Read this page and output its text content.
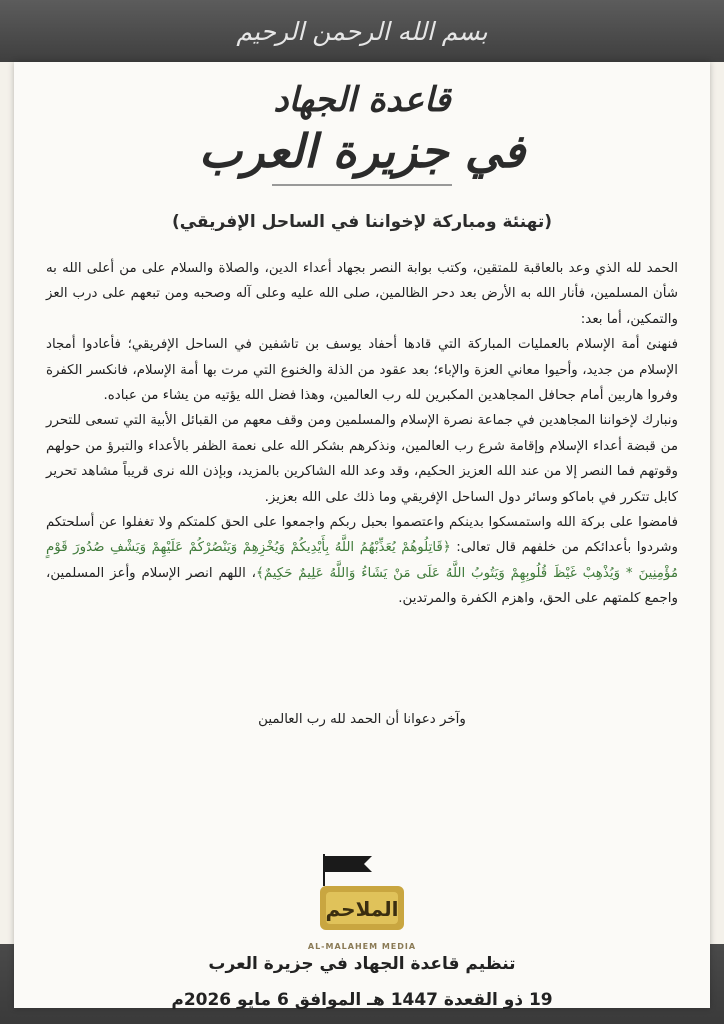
بسم الله الرحمن الرحيم
قاعدة الجهاد
في جزيرة العرب
(تهنئة ومباركة لإخواننا في الساحل الإفريقي)

الحمد لله الذي وعد بالعاقبة للمتقين، وكتب بوابة النصر بجهاد أعداء الدين، والصلاة والسلام على من أعلى الله به شأن المسلمين، فأنار الله به الأرض بعد دحر الظالمين، صلى الله عليه وعلى آله وصحبه ومن تبعهم على درب العز والتمكين، أما بعد:

فنهنئ أمة الإسلام بالعمليات المباركة التي قادها أحفاد يوسف بن تاشفين في الساحل الإفريقي؛ فأعادوا أمجاد الإسلام من جديد، وأحيوا معاني العزة والإباء؛ بعد عقود من الذلة والخنوع التي مرت بها أمة الإسلام، فانكسر الكفرة وفروا هاربين أمام جحافل المجاهدين المكبرين لله رب العالمين، وهذا فضل الله يؤتيه من يشاء من عباده.

ونبارك لإخواننا المجاهدين في جماعة نصرة الإسلام والمسلمين ومن وقف معهم من القبائل الأبية التي تسعى للتحرر من قبضة أعداء الإسلام وإقامة شرع رب العالمين، ونذكرهم بشكر الله على نعمة الظفر بالأعداء والتبرؤ من حولهم وقوتهم فما النصر إلا من عند الله العزيز الحكيم، وقد وعد الله الشاكرين بالمزيد، وبإذن الله نرى قريباً مشاهد تحرير كابل تتكرر في باماكو وسائر دول الساحل الإفريقي وما ذلك على الله بعزيز.

فامضوا على بركة الله واستمسكوا بدينكم واعتصموا بحبل ربكم واجمعوا على الحق كلمتكم ولا تغفلوا عن أسلحتكم وشردوا بأعدائكم من خلفهم قال تعالى: ﴿قَاتِلُوهُمْ يُعَذِّبْهُمُ اللَّهُ بِأَيْدِيكُمْ وَيُخْزِهِمْ وَيَنْصُرْكُمْ عَلَيْهِمْ وَيَشْفِ صُدُورَ قَوْمٍ مُؤْمِنِينَ * وَيُذْهِبْ غَيْظَ قُلُوبِهِمْ وَيَتُوبُ اللَّهُ عَلَى مَنْ يَشَاءُ وَاللَّهُ عَلِيمٌ حَكِيمٌ﴾، اللهم انصر الإسلام وأعز المسلمين، واجمع كلمتهم على الحق، واهزم الكفرة والمرتدين.

وآخر دعوانا أن الحمد لله رب العالمين
الملاحم
AL-MALAHEM MEDIA
تنظيم قاعدة الجهاد في جزيرة العرب
19 ذو القعدة 1447 هـ الموافق 6 مايو 2026م
